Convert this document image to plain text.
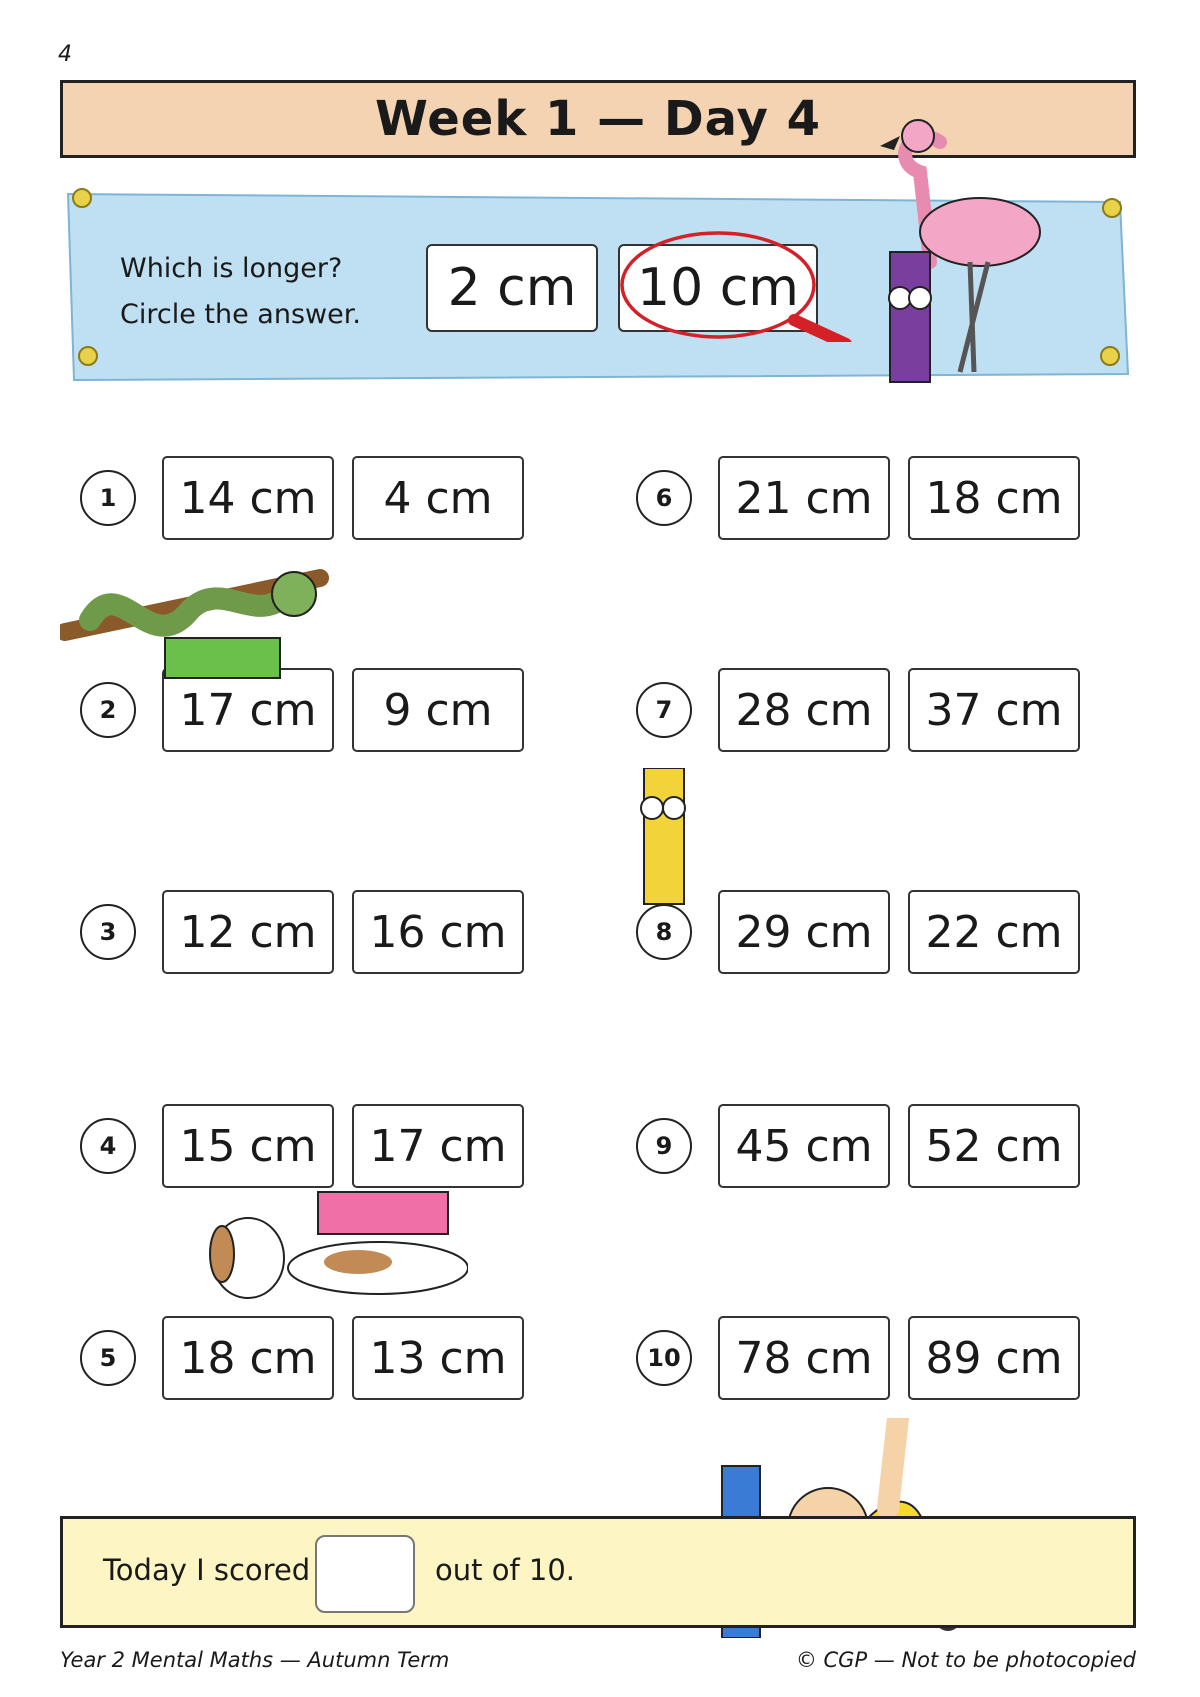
4
Week 1 — Day 4
Which is longer?
Circle the answer.	2 cm	10 cm
1	14 cm	4 cm
2	17 cm	9 cm
3	12 cm	16 cm
4	15 cm	17 cm
5	18 cm	13 cm
6	21 cm	18 cm
7	28 cm	37 cm
8	29 cm	22 cm
9	45 cm	52 cm
10	78 cm	89 cm
Today I scored	out of 10.
Year 2 Mental Maths — Autumn Term	© CGP — Not to be photocopied
